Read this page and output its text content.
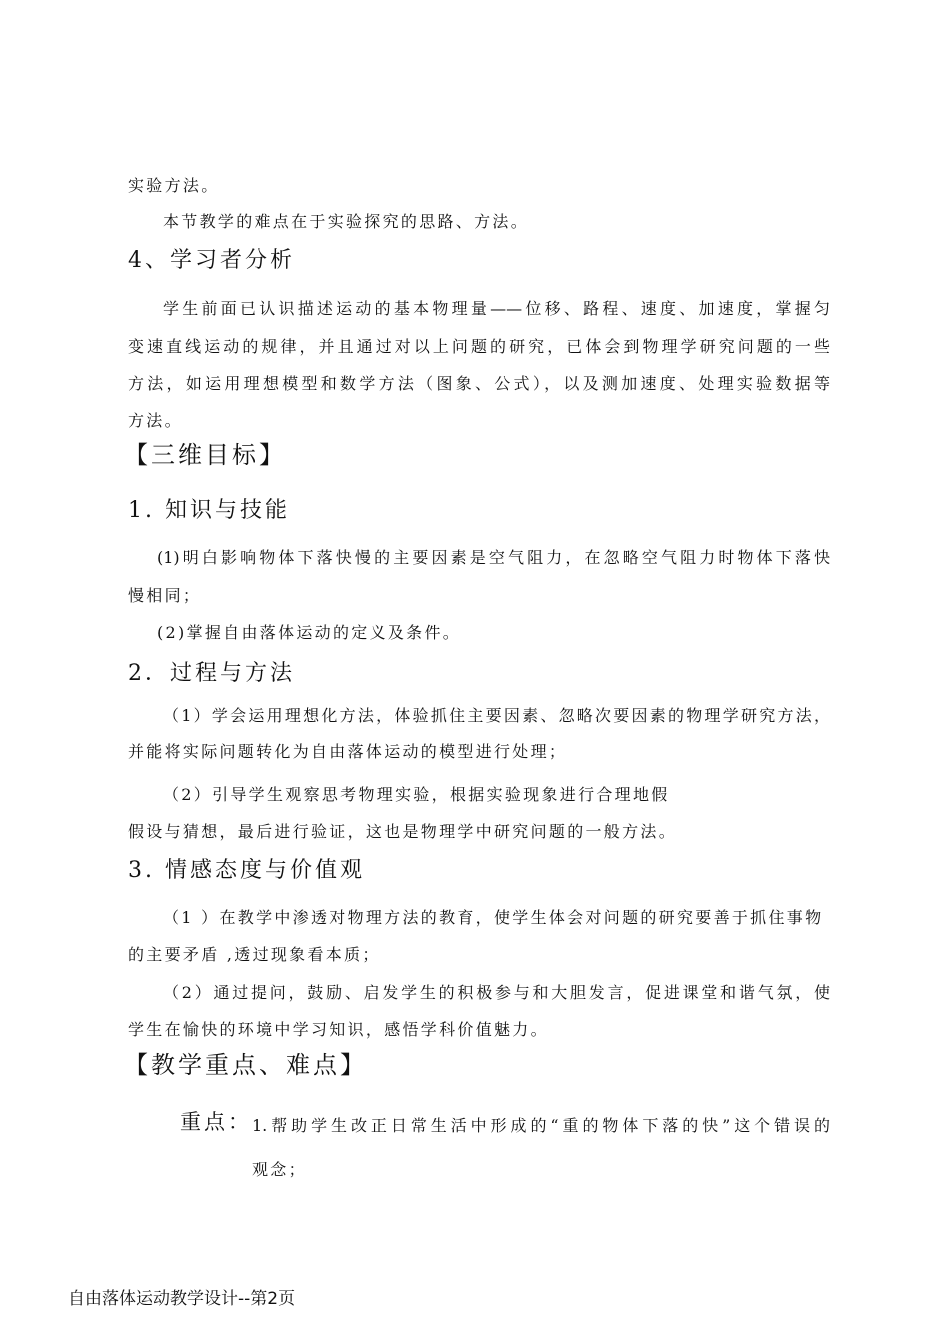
实验方法。
本节教学的难点在于实验探究的思路、方法。
4、学习者分析
学生前面已认识描述运动的基本物理量——位移、路程、速度、加速度，掌握匀
变速直线运动的规律，并且通过对以上问题的研究，已体会到物理学研究问题的一些
方法，如运用理想模型和数学方法（图象、公式），以及测加速度、处理实验数据等
方法。
【三维目标】
1. 知识与技能
(1)明白影响物体下落快慢的主要因素是空气阻力，在忽略空气阻力时物体下落快
慢相同；
(2)掌握自由落体运动的定义及条件。
2．过程与方法
（1）学会运用理想化方法，体验抓住主要因素、忽略次要因素的物理学研究方法，
并能将实际问题转化为自由落体运动的模型进行处理；
（2）引导学生观察思考物理实验，根据实验现象进行合理地假
假设与猜想，最后进行验证，这也是物理学中研究问题的一般方法。
3. 情感态度与价值观
（1 ）在教学中渗透对物理方法的教育，使学生体会对问题的研究要善于抓住事物
的主要矛盾 ,透过现象看本质；
（2）通过提问，鼓励、启发学生的积极参与和大胆发言，促进课堂和谐气氛，使
学生在愉快的环境中学习知识，感悟学科价值魅力。
【教学重点、难点】
重点： 1.帮助学生改正日常生活中形成的“重的物体下落的快”这个错误的
观念；
自由落体运动教学设计--第2页
